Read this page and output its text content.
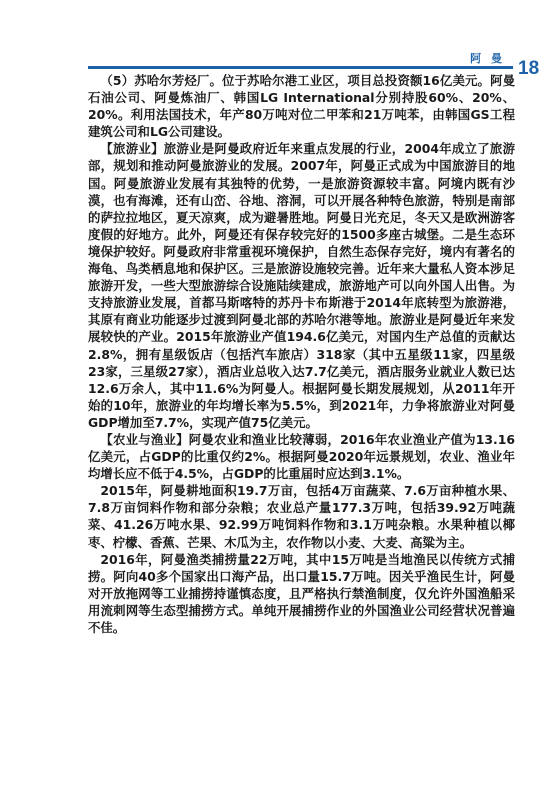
阿 曼 18

（5）苏哈尔芳烃厂。位于苏哈尔港工业区，项目总投资额16亿美元。阿曼石油公司、阿曼炼油厂、韩国LG International分别持股60%、20%、20%。利用法国技术，年产80万吨对位二甲苯和21万吨苯，由韩国GS工程建筑公司和LG公司建设。

【旅游业】旅游业是阿曼政府近年来重点发展的行业，2004年成立了旅游部，规划和推动阿曼旅游业的发展。2007年，阿曼正式成为中国旅游目的地国。阿曼旅游业发展有其独特的优势，一是旅游资源较丰富。阿境内既有沙漠，也有海滩，还有山峦、谷地、溶洞，可以开展各种特色旅游，特别是南部的萨拉拉地区，夏天凉爽，成为避暑胜地。阿曼日光充足，冬天又是欧洲游客度假的好地方。此外，阿曼还有保存较完好的1500多座古城堡。二是生态环境保护较好。阿曼政府非常重视环境保护，自然生态保存完好，境内有著名的海龟、鸟类栖息地和保护区。三是旅游设施较完善。近年来大量私人资本涉足旅游开发，一些大型旅游综合设施陆续建成，旅游地产可以向外国人出售。为支持旅游业发展，首都马斯喀特的苏丹卡布斯港于2014年底转型为旅游港，其原有商业功能逐步过渡到阿曼北部的苏哈尔港等地。旅游业是阿曼近年来发展较快的产业。2015年旅游业产值194.6亿美元，对国内生产总值的贡献达2.8%，拥有星级饭店（包括汽车旅店）318家（其中五星级11家，四星级23家，三星级27家），酒店业总收入达7.7亿美元，酒店服务业就业人数已达12.6万余人，其中11.6%为阿曼人。根据阿曼长期发展规划，从2011年开始的10年，旅游业的年均增长率为5.5%，到2021年，力争将旅游业对阿曼GDP增加至7.7%，实现产值75亿美元。

【农业与渔业】阿曼农业和渔业比较薄弱，2016年农业渔业产值为13.16亿美元，占GDP的比重仅约2%。根据阿曼2020年远景规划，农业、渔业年均增长应不低于4.5%，占GDP的比重届时应达到3.1%。

2015年，阿曼耕地面积19.7万亩，包括4万亩蔬菜、7.6万亩种植水果、7.8万亩饲料作物和部分杂粮；农业总产量177.3万吨，包括39.92万吨蔬菜、41.26万吨水果、92.99万吨饲料作物和3.1万吨杂粮。水果种植以椰枣、柠檬、香蕉、芒果、木瓜为主，农作物以小麦、大麦、高粱为主。

2016年，阿曼渔类捕捞量22万吨，其中15万吨是当地渔民以传统方式捕捞。阿向40多个国家出口海产品，出口量15.7万吨。因关乎渔民生计，阿曼对开放拖网等工业捕捞持谨慎态度，且严格执行禁渔制度，仅允许外国渔船采用流刺网等生态型捕捞方式。单纯开展捕捞作业的外国渔业公司经营状况普遍不佳。
